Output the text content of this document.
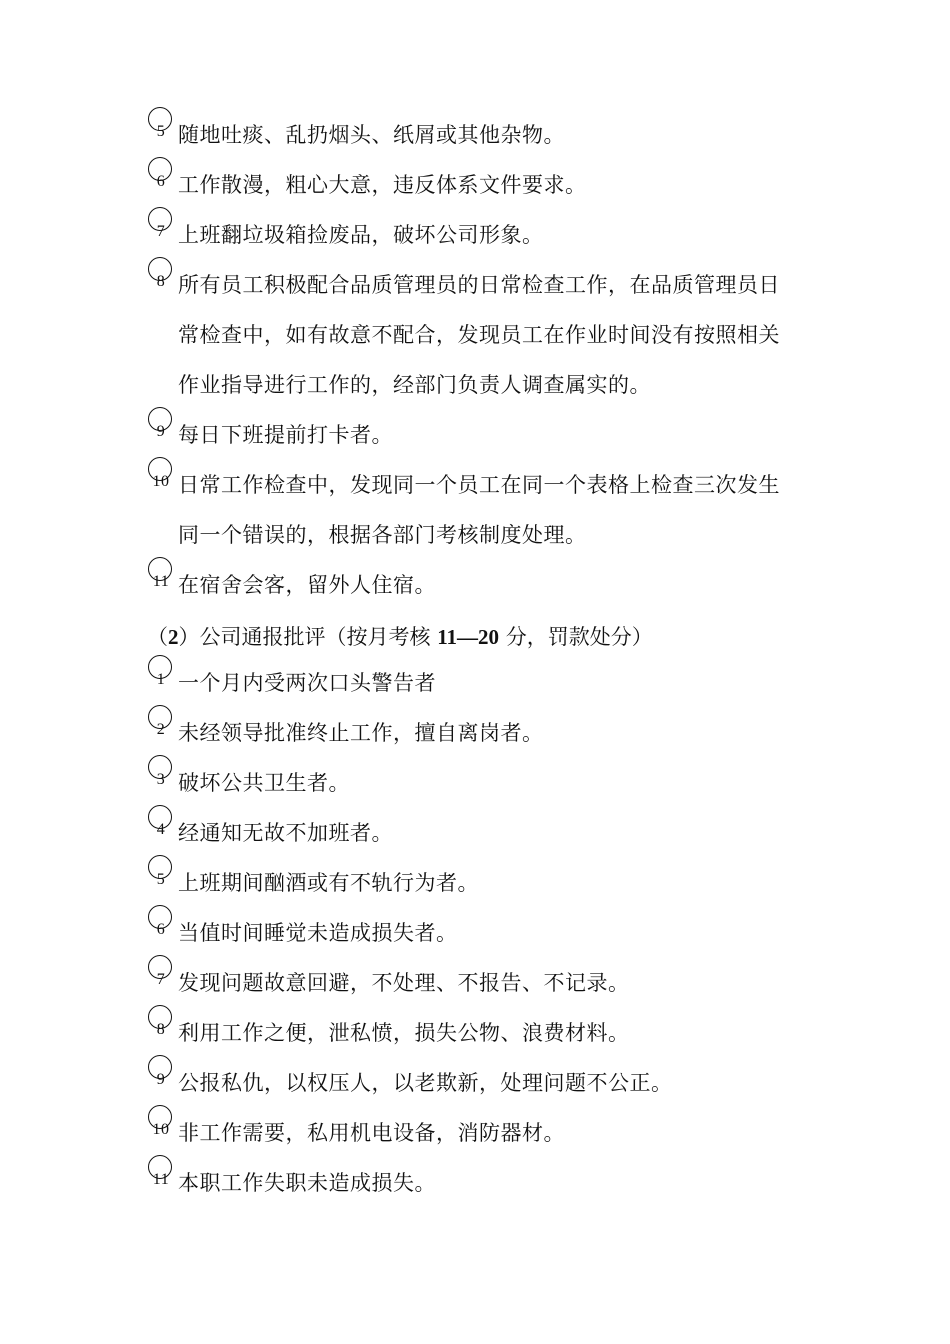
（2）公司通报批评（按月考核 11—20 分，罚款处分）
5 随地吐痰、乱扔烟头、纸屑或其他杂物。
6 工作散漫，粗心大意，违反体系文件要求。
7 上班翻垃圾箱捡废品，破坏公司形象。
8 所有员工积极配合品质管理员的日常检查工作，在品质管理员日
常检查中，如有故意不配合，发现员工在作业时间没有按照相关
作业指导进行工作的，经部门负责人调查属实的。
9 每日下班提前打卡者。
10 日常工作检查中，发现同一个员工在同一个表格上检查三次发生
同一个错误的，根据各部门考核制度处理。
11 在宿舍会客，留外人住宿。
1 一个月内受两次口头警告者
2 未经领导批准终止工作，擅自离岗者。
3 破坏公共卫生者。
4 经通知无故不加班者。
5 上班期间酗酒或有不轨行为者。
6 当值时间睡觉未造成损失者。
7 发现问题故意回避，不处理、不报告、不记录。
8 利用工作之便，泄私愤，损失公物、浪费材料。
9 公报私仇，以权压人，以老欺新，处理问题不公正。
10 非工作需要，私用机电设备，消防器材。
11 本职工作失职未造成损失。
